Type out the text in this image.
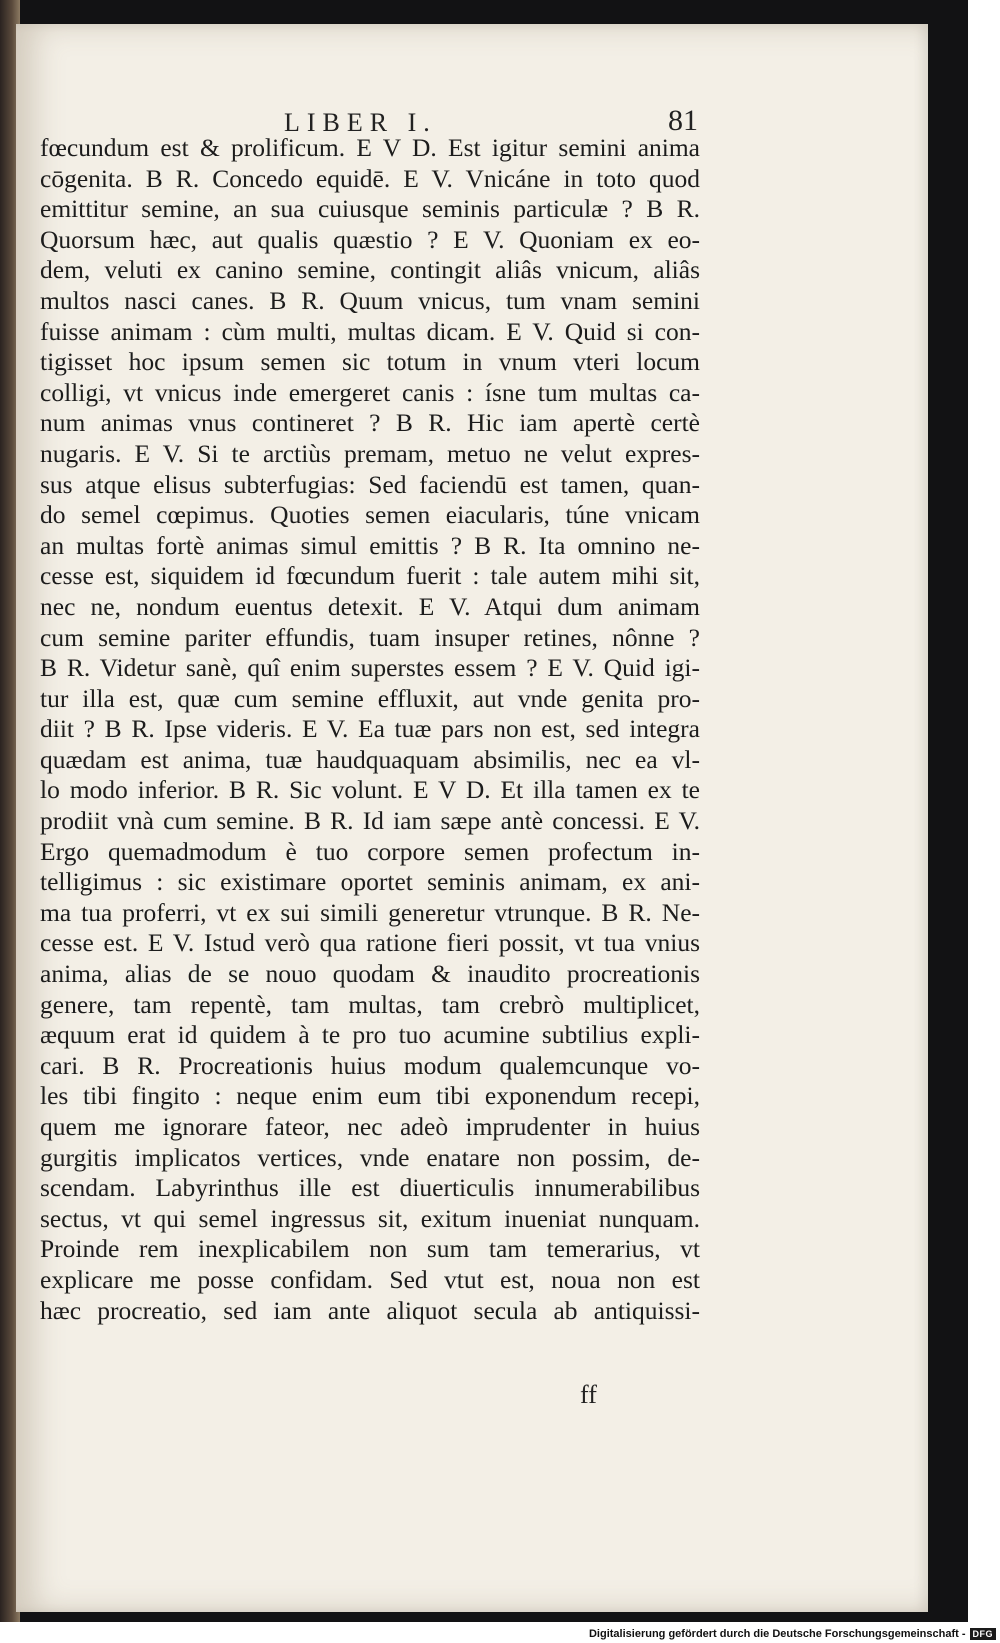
LIBER I.	81
fœcundum est & prolificum. E V D. Est igitur semini anima
cōgenita. B R. Concedo equidē. E V. Vnicáne in toto quod
emittitur semine, an sua cuiusque seminis particulæ ? B R.
Quorsum hæc, aut qualis quæstio ? E V. Quoniam ex eo-
dem, veluti ex canino semine, contingit aliâs vnicum, aliâs
multos nasci canes. B R. Quum vnicus, tum vnam semini
fuisse animam : cùm multi, multas dicam. E V. Quid si con-
tigisset hoc ipsum semen sic totum in vnum vteri locum
colligi, vt vnicus inde emergeret canis : ísne tum multas ca-
num animas vnus contineret ? B R. Hic iam apertè certè
nugaris. E V. Si te arctiùs premam, metuo ne velut expres-
sus atque elisus subterfugias: Sed faciendū est tamen, quan-
do semel cœpimus. Quoties semen eiacularis, túne vnicam
an multas fortè animas simul emittis ? B R. Ita omnino ne-
cesse est, siquidem id fœcundum fuerit : tale autem mihi sit,
nec ne, nondum euentus detexit. E V. Atqui dum animam
cum semine pariter effundis, tuam insuper retines, nônne ?
B R. Videtur sanè, quî enim superstes essem ? E V. Quid igi-
tur illa est, quæ cum semine effluxit, aut vnde genita pro-
diit ? B R. Ipse videris. E V. Ea tuæ pars non est, sed integra
quædam est anima, tuæ haudquaquam absimilis, nec ea vl-
lo modo inferior. B R. Sic volunt. E V D. Et illa tamen ex te
prodiit vnà cum semine. B R. Id iam sæpe antè concessi. E V.
Ergo quemadmodum è tuo corpore semen profectum in-
telligimus : sic existimare oportet seminis animam, ex ani-
ma tua proferri, vt ex sui simili generetur vtrunque. B R. Ne-
cesse est. E V. Istud verò qua ratione fieri possit, vt tua vnius
anima, alias de se nouo quodam & inaudito procreationis
genere, tam repentè, tam multas, tam crebrò multiplicet,
æquum erat id quidem à te pro tuo acumine subtilius expli-
cari. B R. Procreationis huius modum qualemcunque vo-
les tibi fingito : neque enim eum tibi exponendum recepi,
quem me ignorare fateor, nec adeò imprudenter in huius
gurgitis implicatos vertices, vnde enatare non possim, de-
scendam. Labyrinthus ille est diuerticulis innumerabilibus
sectus, vt qui semel ingressus sit, exitum inueniat nunquam.
Proinde rem inexplicabilem non sum tam temerarius, vt
explicare me posse confidam. Sed vtut est, noua non est
hæc procreatio, sed iam ante aliquot secula ab antiquissi-
ff
Digitalisierung gefördert durch die Deutsche Forschungsgemeinschaft - DFG
